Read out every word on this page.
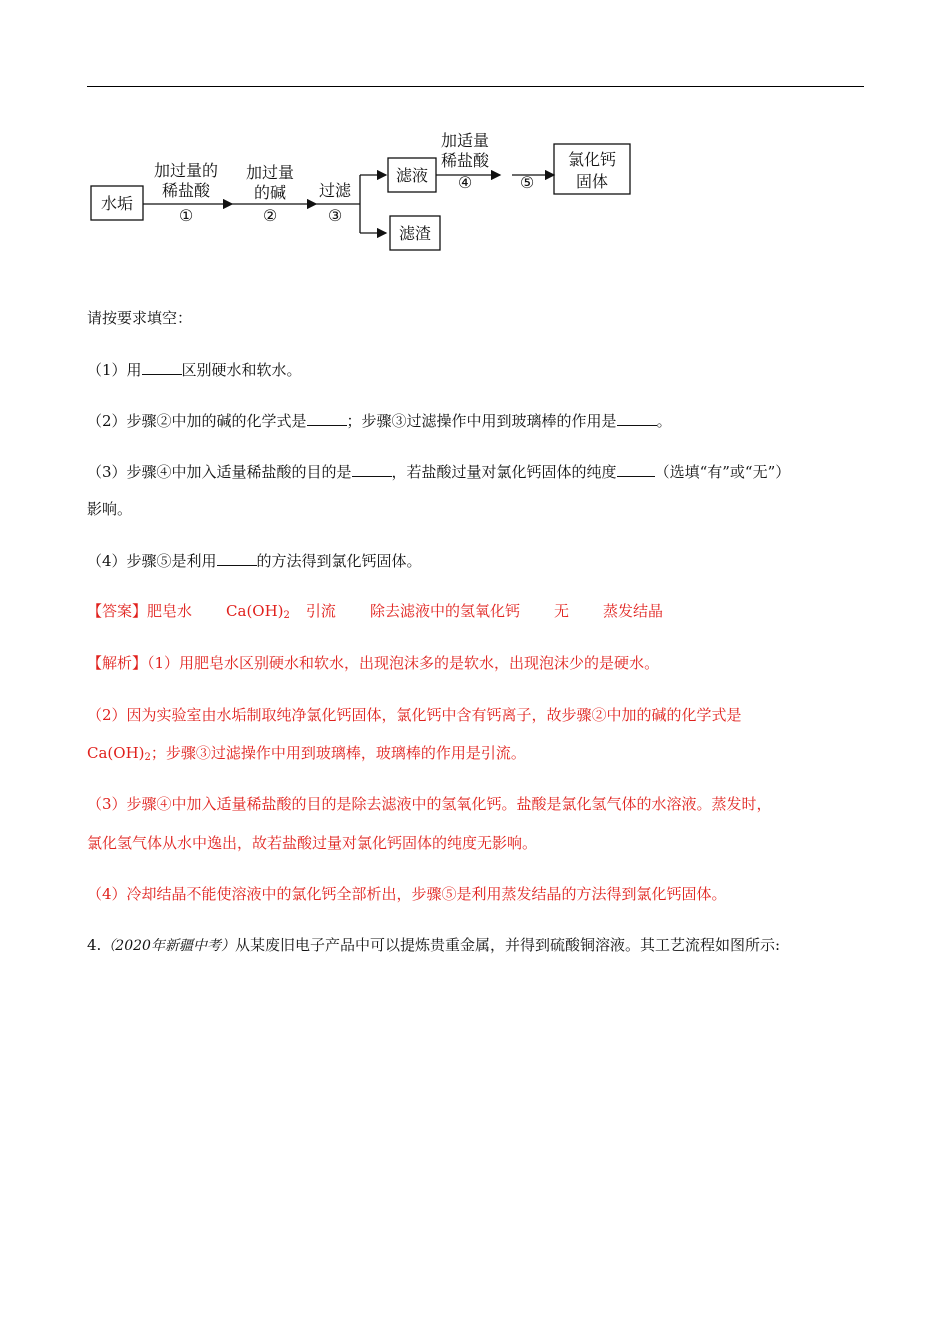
水垢
加过量的
稀盐酸
①
加过量
的碱
②
过滤
③
滤液
滤渣
加适量
稀盐酸
④	⑤
氯化钙
固体
请按要求填空：
（1）用	区别硬水和软水。
（2）步骤②中加的碱的化学式是	；步骤③过滤操作中用到玻璃棒的作用是	。
（3）步骤④中加入适量稀盐酸的目的是	，若盐酸过量对氯化钙固体的纯度	（选填“有”或“无”）
影响。
（4）步骤⑤是利用	的方法得到氯化钙固体。
【答案】肥皂水 $Ca(OH)_2$ 引流 除去滤液中的氢氧化钙 无 蒸发结晶
【解析】（1）用肥皂水区别硬水和软水，出现泡沫多的是软水，出现泡沫少的是硬水。
（2）因为实验室由水垢制取纯净氯化钙固体，氯化钙中含有钙离子，故步骤②中加的碱的化学式是
$Ca(OH)_2$；步骤③过滤操作中用到玻璃棒，玻璃棒的作用是引流。
（3）步骤④中加入适量稀盐酸的目的是除去滤液中的氢氧化钙。盐酸是氯化氢气体的水溶液。蒸发时，
氯化氢气体从水中逸出，故若盐酸过量对氯化钙固体的纯度无影响。
（4）冷却结晶不能使溶液中的氯化钙全部析出，步骤⑤是利用蒸发结晶的方法得到氯化钙固体。
4.（2020年新疆中考）从某废旧电子产品中可以提炼贵重金属，并得到硫酸铜溶液。其工艺流程如图所示:
